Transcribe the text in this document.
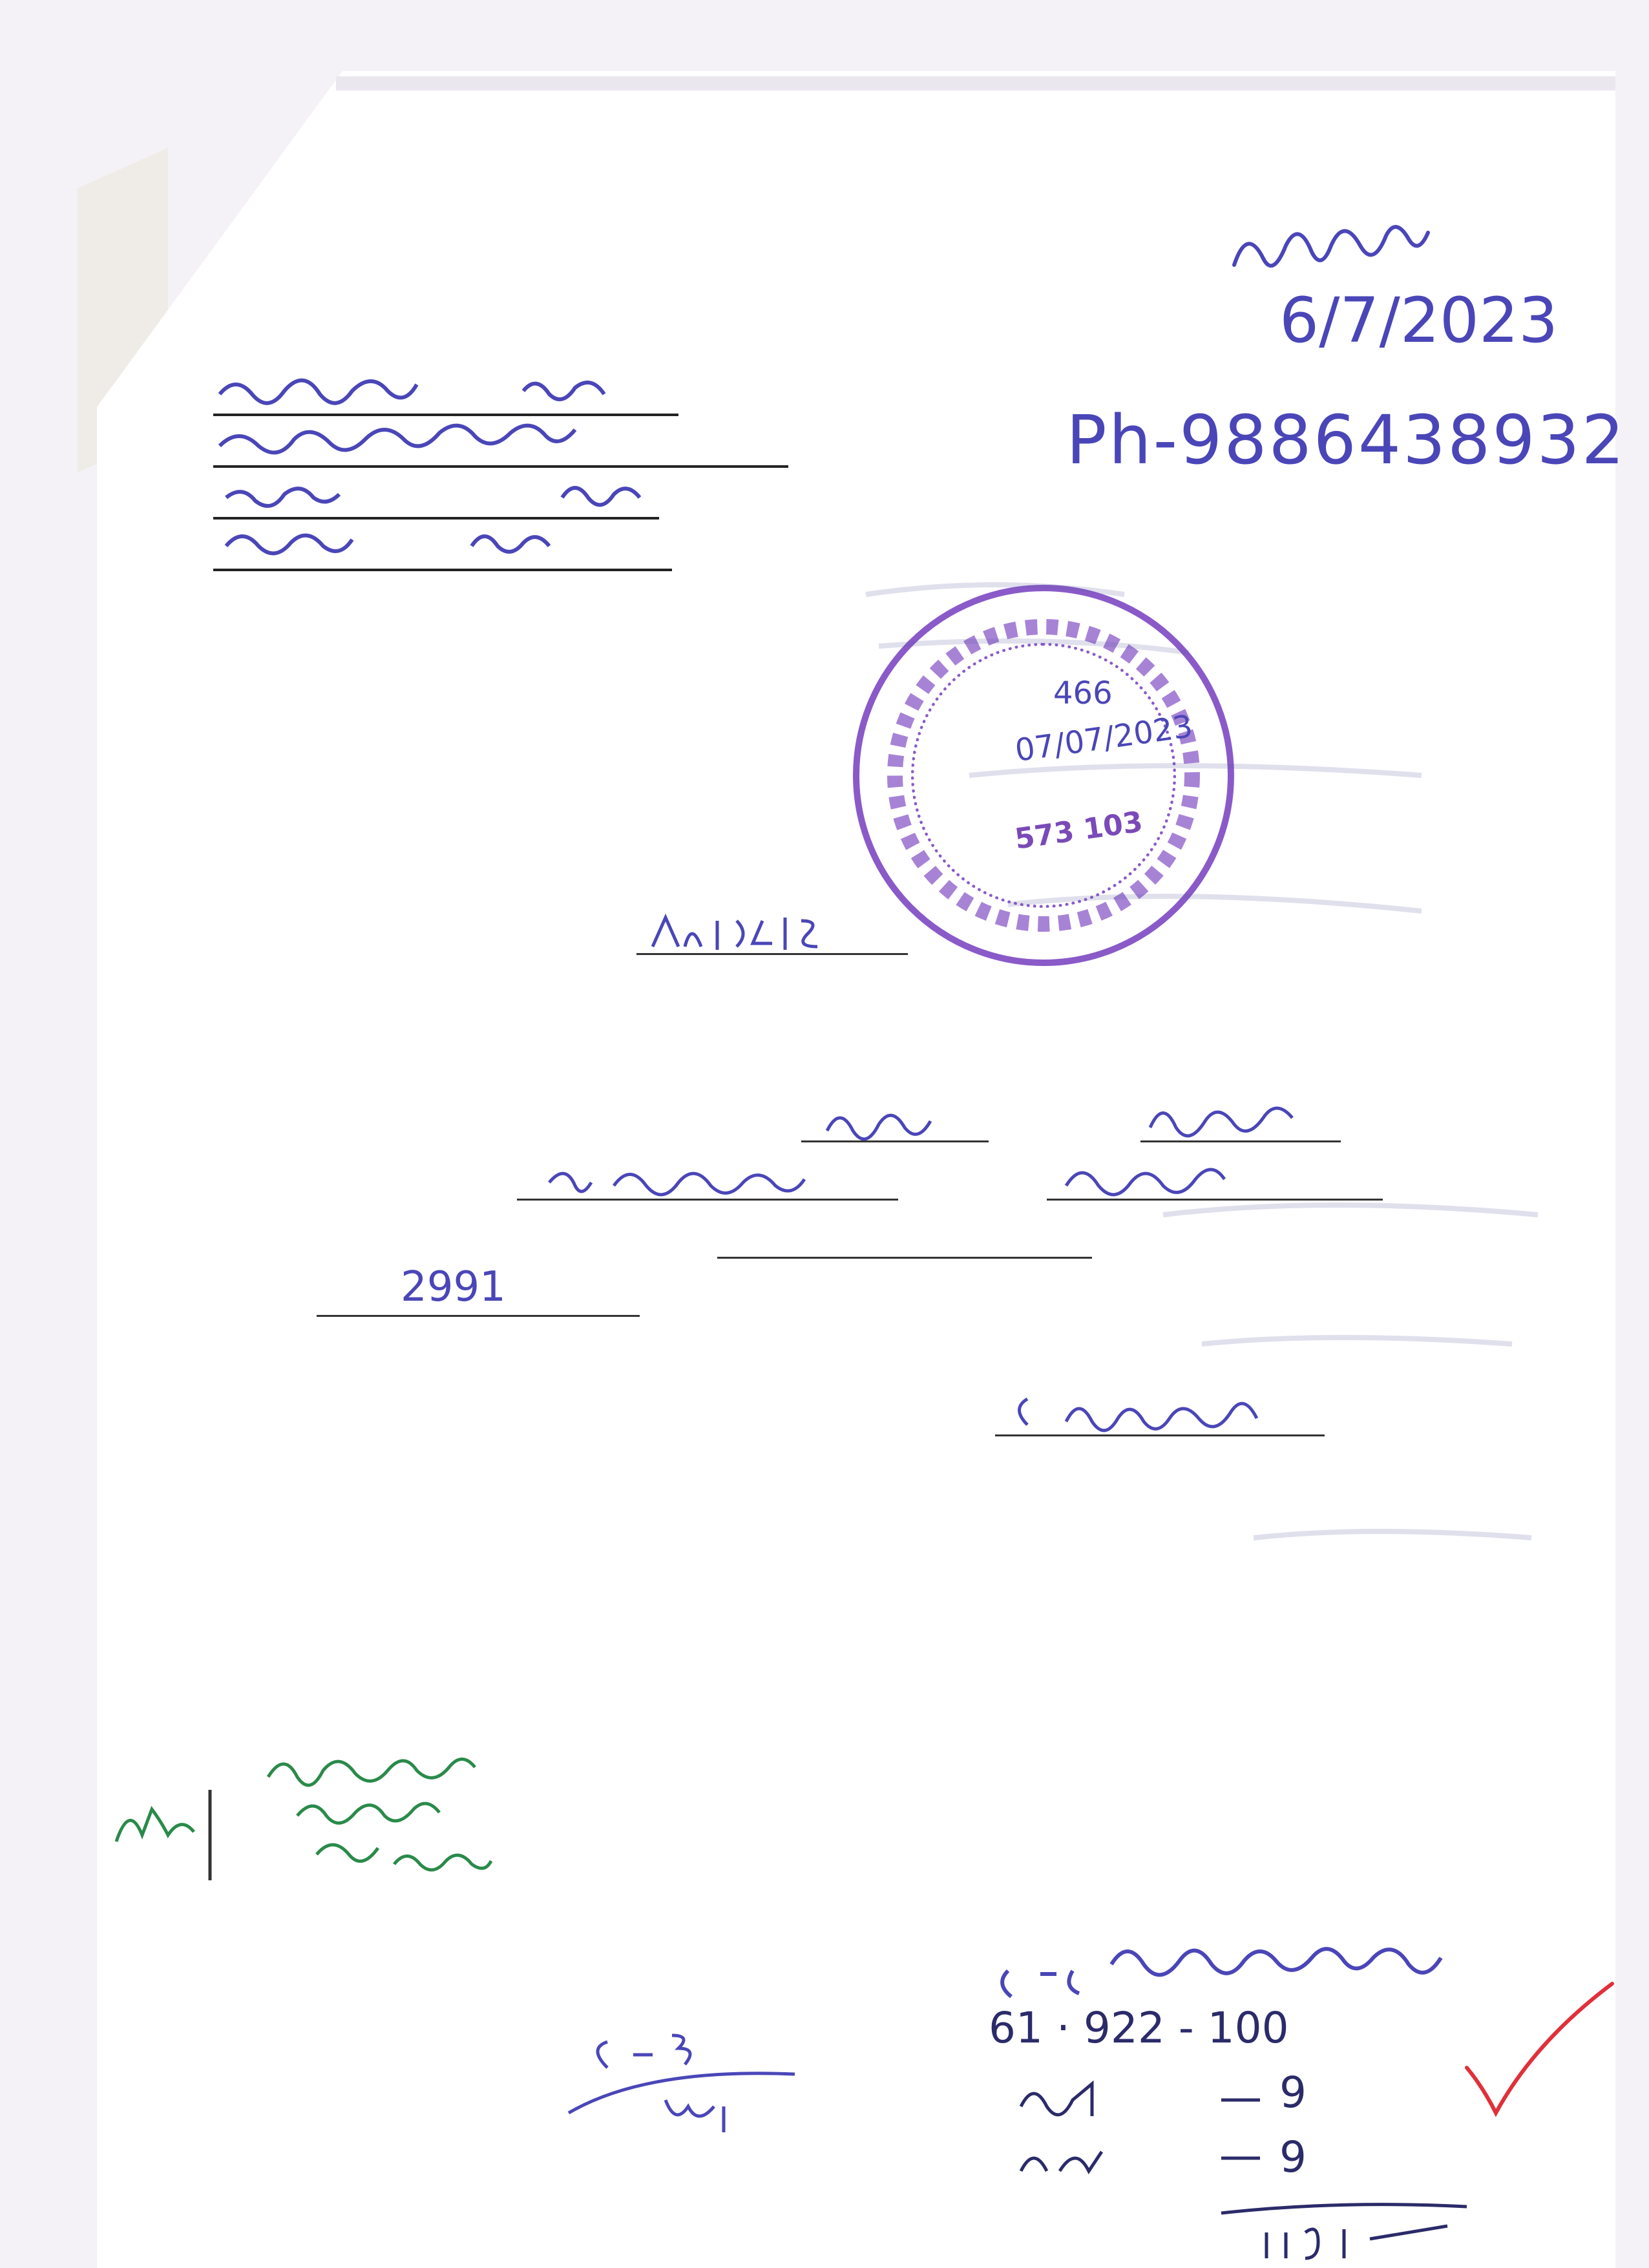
6/7/2023
Ph-9886438932
466
07/07/2023
573 103
2991
61 · 922 - 100
9
9
